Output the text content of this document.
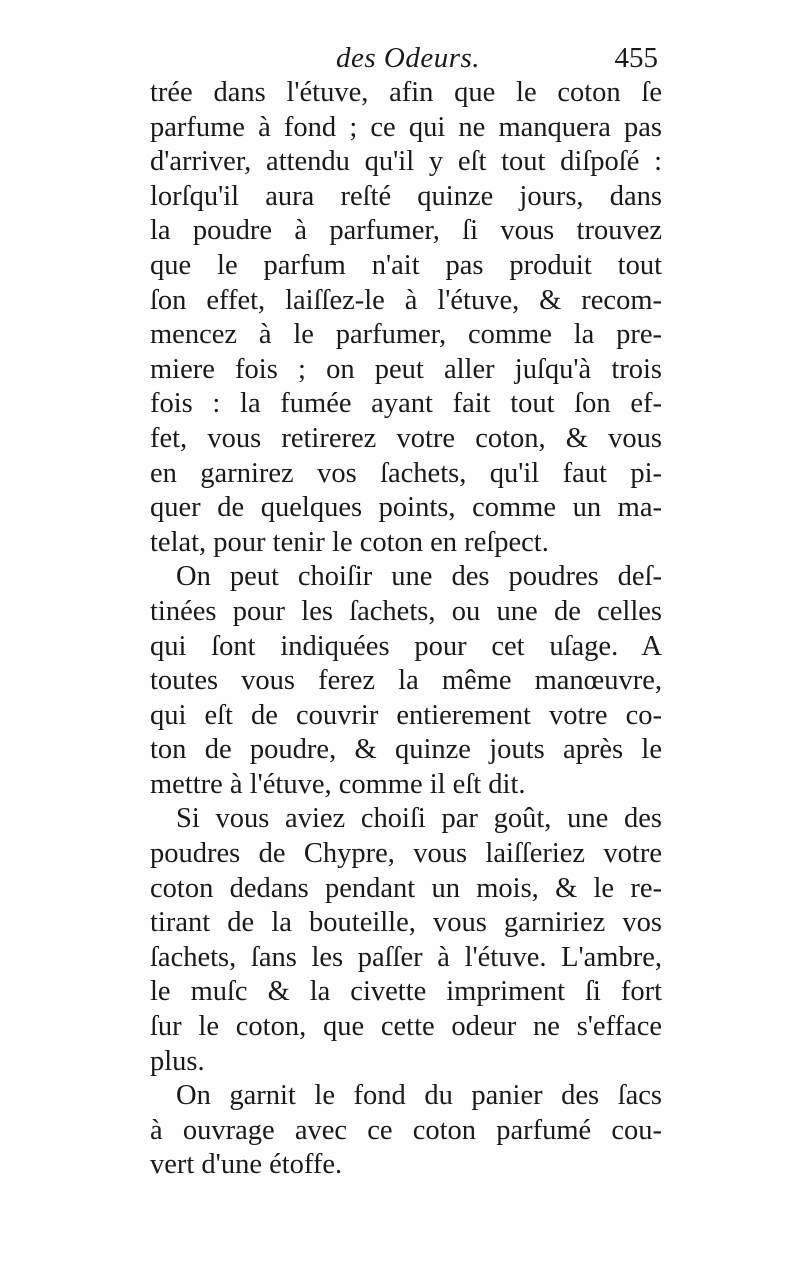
des Odeurs.	455
trée dans l'étuve, afin que le coton ſe
parfume à fond ; ce qui ne manquera pas
d'arriver, attendu qu'il y eſt tout diſpoſé :
lorſqu'il aura reſté quinze jours, dans
la poudre à parfumer, ſi vous trouvez
que le parfum n'ait pas produit tout
ſon effet, laiſſez-le à l'étuve, & recom-
mencez à le parfumer, comme la pre-
miere fois ; on peut aller juſqu'à trois
fois : la fumée ayant fait tout ſon ef-
fet, vous retirerez votre coton, & vous
en garnirez vos ſachets, qu'il faut pi-
quer de quelques points, comme un ma-
telat, pour tenir le coton en reſpect.
On peut choiſir une des poudres deſ-
tinées pour les ſachets, ou une de celles
qui ſont indiquées pour cet uſage. A
toutes vous ferez la même manœuvre,
qui eſt de couvrir entierement votre co-
ton de poudre, & quinze jouts après le
mettre à l'étuve, comme il eſt dit.
Si vous aviez choiſi par goût, une des
poudres de Chypre, vous laiſſeriez votre
coton dedans pendant un mois, & le re-
tirant de la bouteille, vous garniriez vos
ſachets, ſans les paſſer à l'étuve. L'ambre,
le muſc & la civette impriment ſi fort
ſur le coton, que cette odeur ne s'efface
plus.
On garnit le fond du panier des ſacs
à ouvrage avec ce coton parfumé cou-
vert d'une étoffe.
